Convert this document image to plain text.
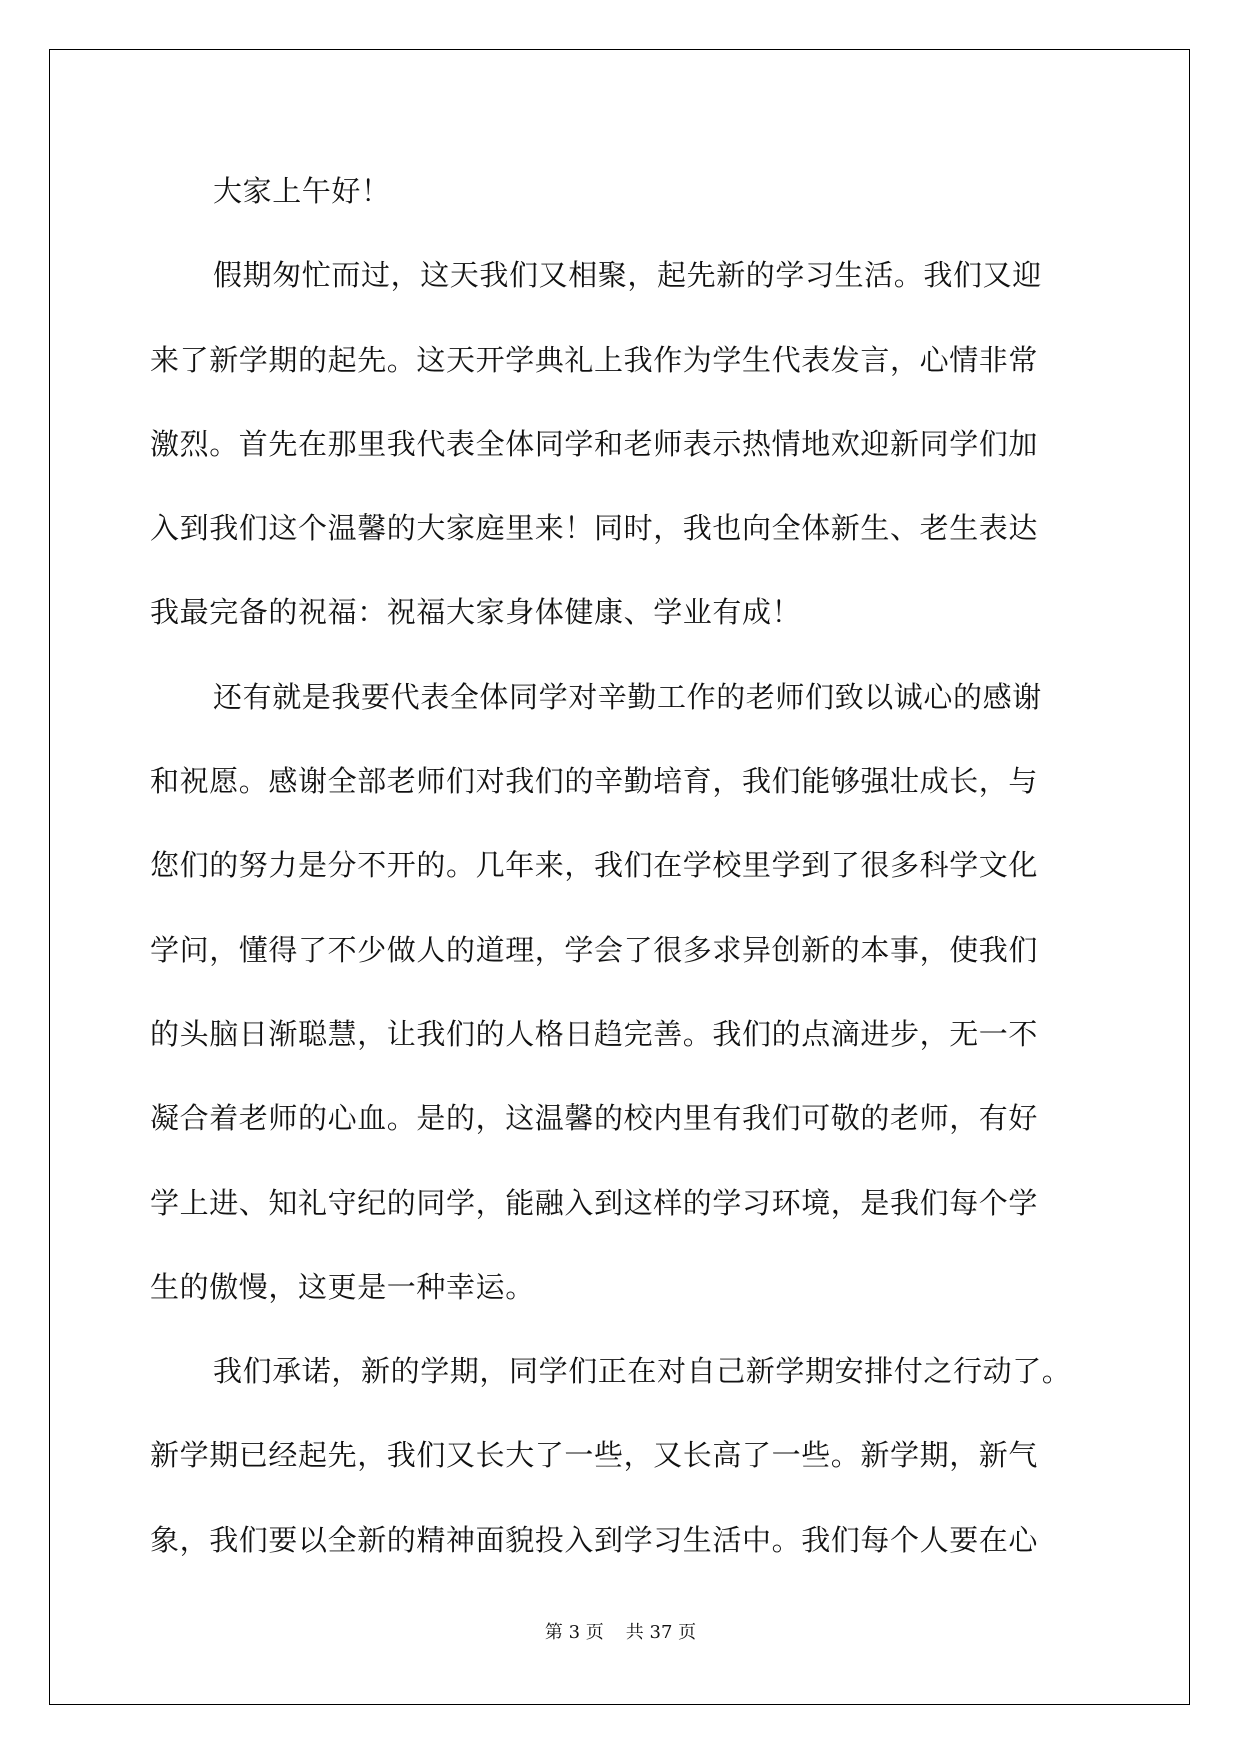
大家上午好！
假期匆忙而过，这天我们又相聚，起先新的学习生活。我们又迎
来了新学期的起先。这天开学典礼上我作为学生代表发言，心情非常
激烈。首先在那里我代表全体同学和老师表示热情地欢迎新同学们加
入到我们这个温馨的大家庭里来！同时，我也向全体新生、老生表达
我最完备的祝福：祝福大家身体健康、学业有成！
还有就是我要代表全体同学对辛勤工作的老师们致以诚心的感谢
和祝愿。感谢全部老师们对我们的辛勤培育，我们能够强壮成长，与
您们的努力是分不开的。几年来，我们在学校里学到了很多科学文化
学问，懂得了不少做人的道理，学会了很多求异创新的本事，使我们
的头脑日渐聪慧，让我们的人格日趋完善。我们的点滴进步，无一不
凝合着老师的心血。是的，这温馨的校内里有我们可敬的老师，有好
学上进、知礼守纪的同学，能融入到这样的学习环境，是我们每个学
生的傲慢，这更是一种幸运。
我们承诺，新的学期，同学们正在对自己新学期安排付之行动了。
新学期已经起先，我们又长大了一些，又长高了一些。新学期，新气
象，我们要以全新的精神面貌投入到学习生活中。我们每个人要在心
第 3 页 共 37 页
